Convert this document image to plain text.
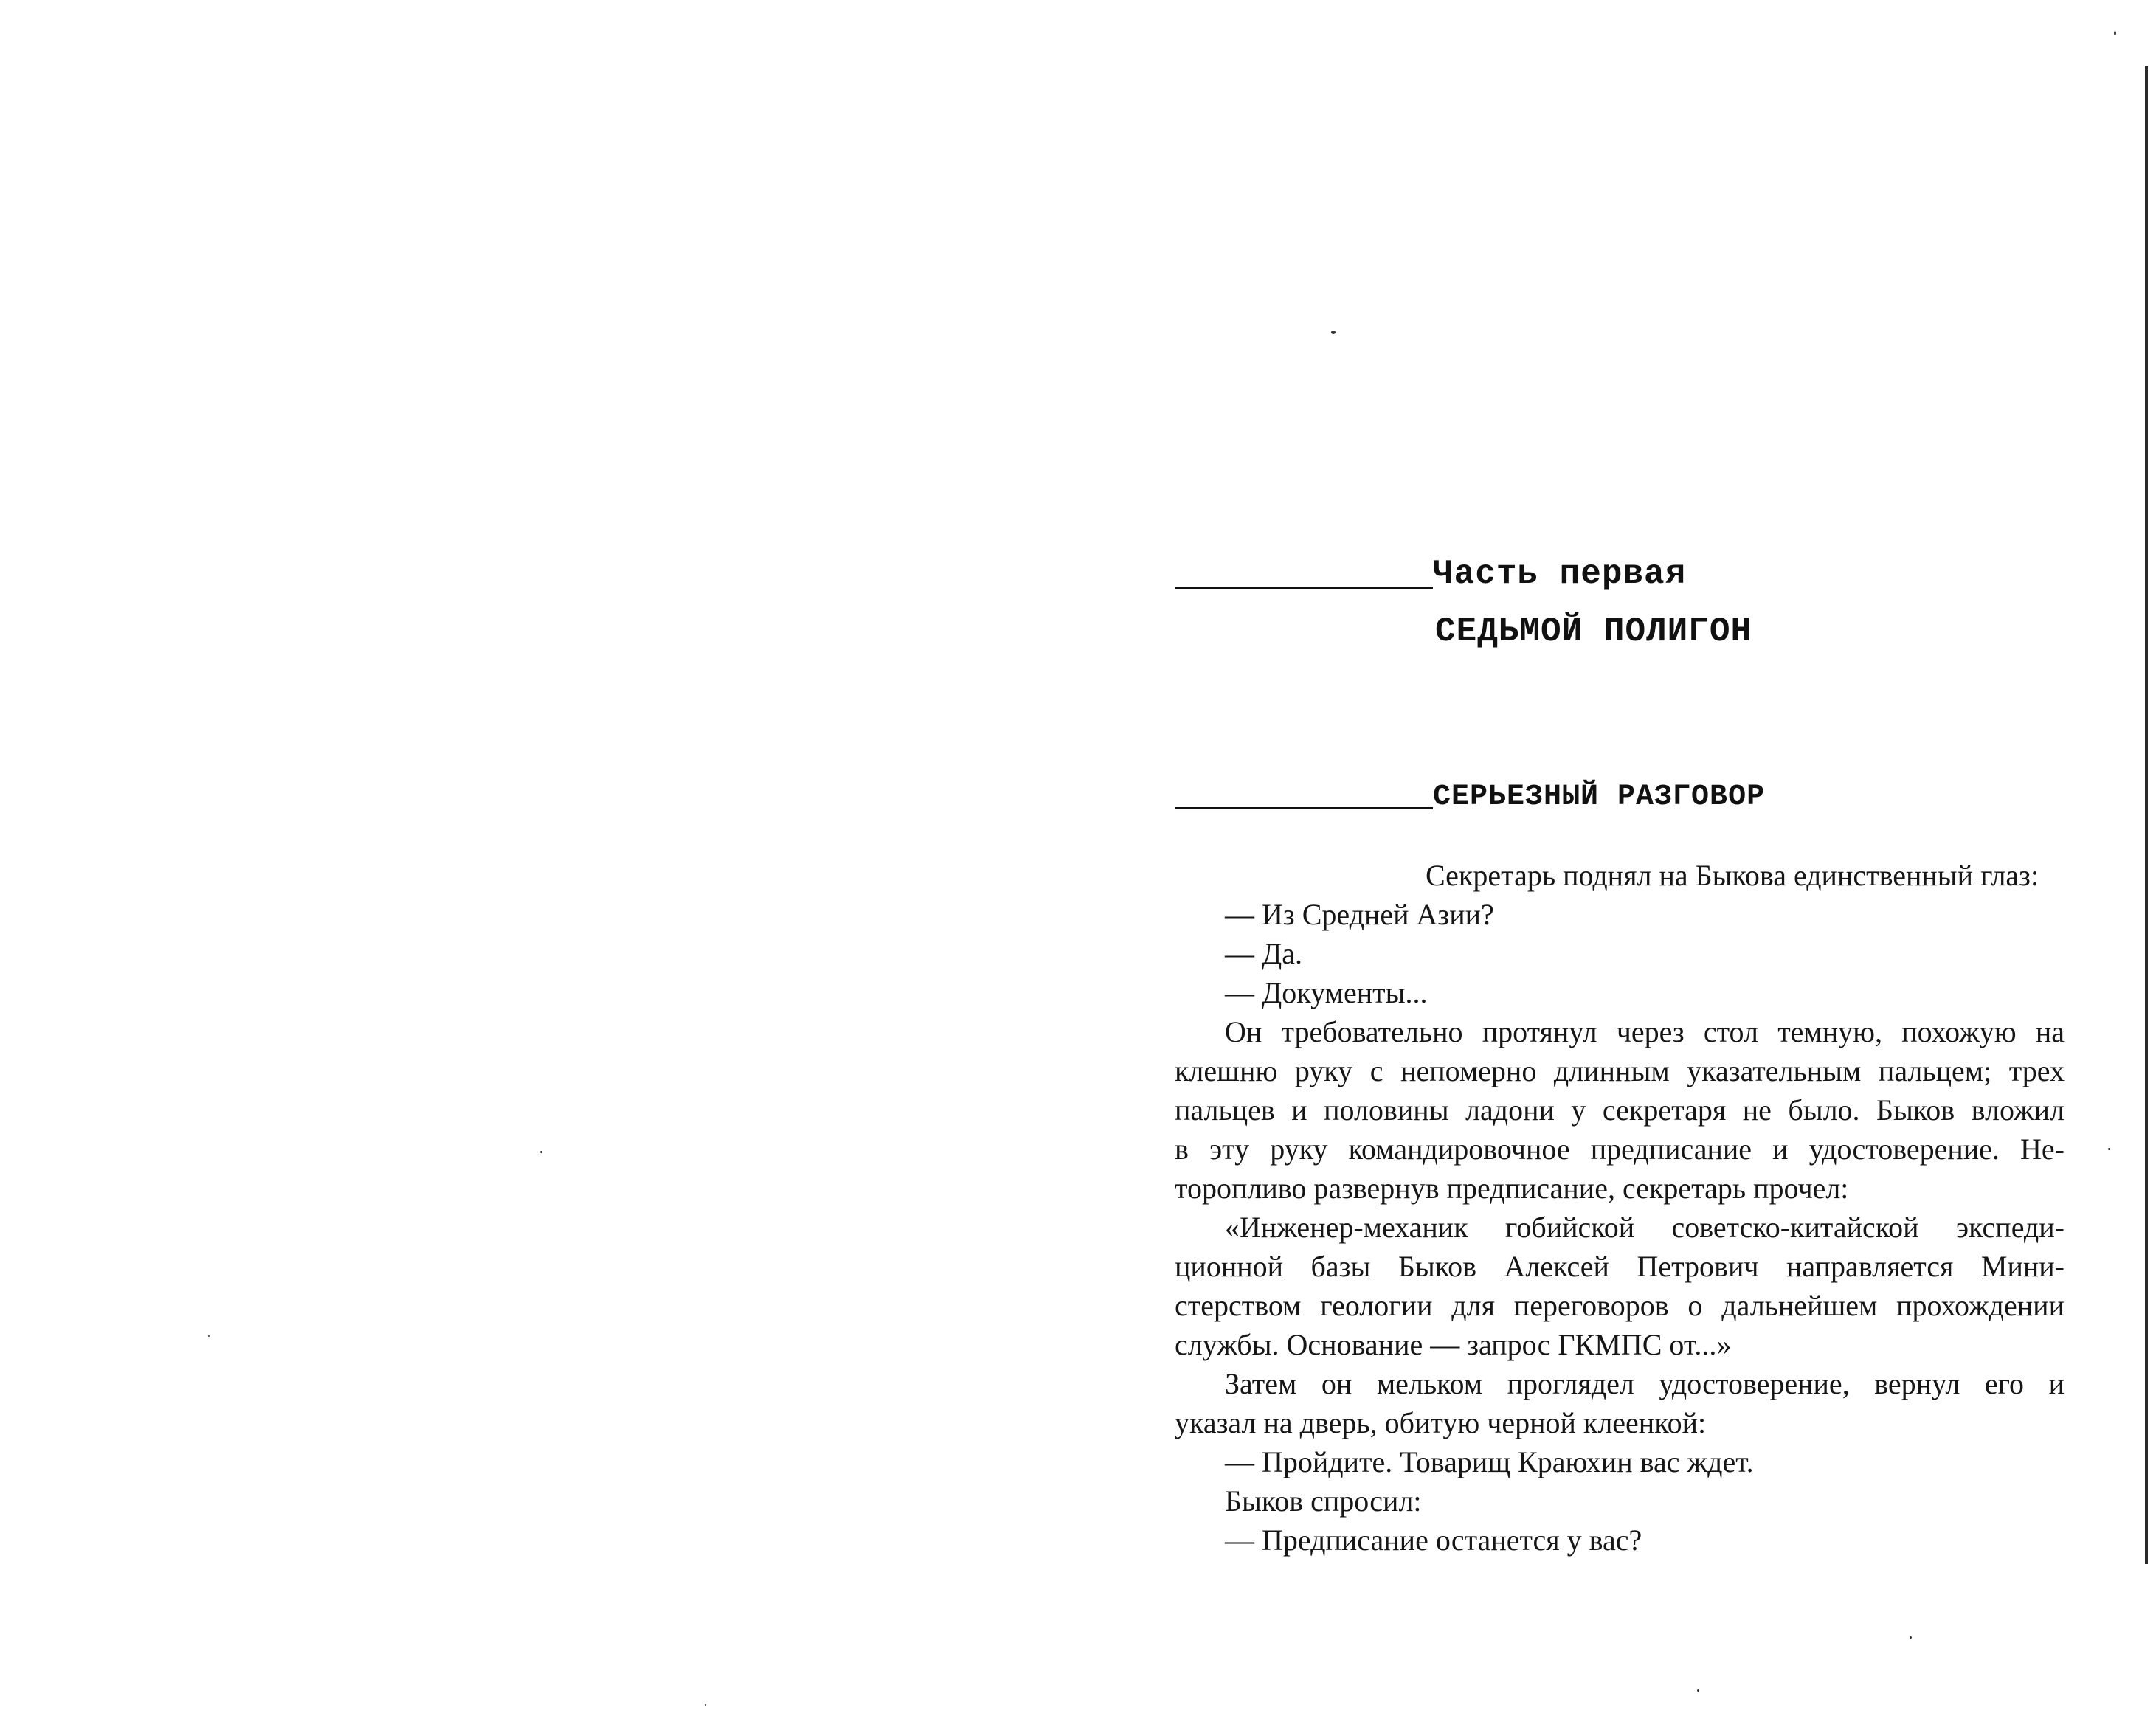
Часть первая
СЕДЬМОЙ ПОЛИГОН
СЕРЬЕЗНЫЙ РАЗГОВОР
Секретарь поднял на Быкова единственный глаз:
— Из Средней Азии?
— Да.
— Документы...
Он требовательно протянул через стол темную, похожую на
клешню руку с непомерно длинным указательным пальцем; трех
пальцев и половины ладони у секретаря не было. Быков вложил
в эту руку командировочное предписание и удостоверение. Не-
торопливо развернув предписание, секретарь прочел:
«Инженер-механик гобийской советско-китайской экспеди-
ционной базы Быков Алексей Петрович направляется Мини-
стерством геологии для переговоров о дальнейшем прохождении
службы. Основание — запрос ГКМПС от...»
Затем он мельком проглядел удостоверение, вернул его и
указал на дверь, обитую черной клеенкой:
— Пройдите. Товарищ Краюхин вас ждет.
Быков спросил:
— Предписание останется у вас?
